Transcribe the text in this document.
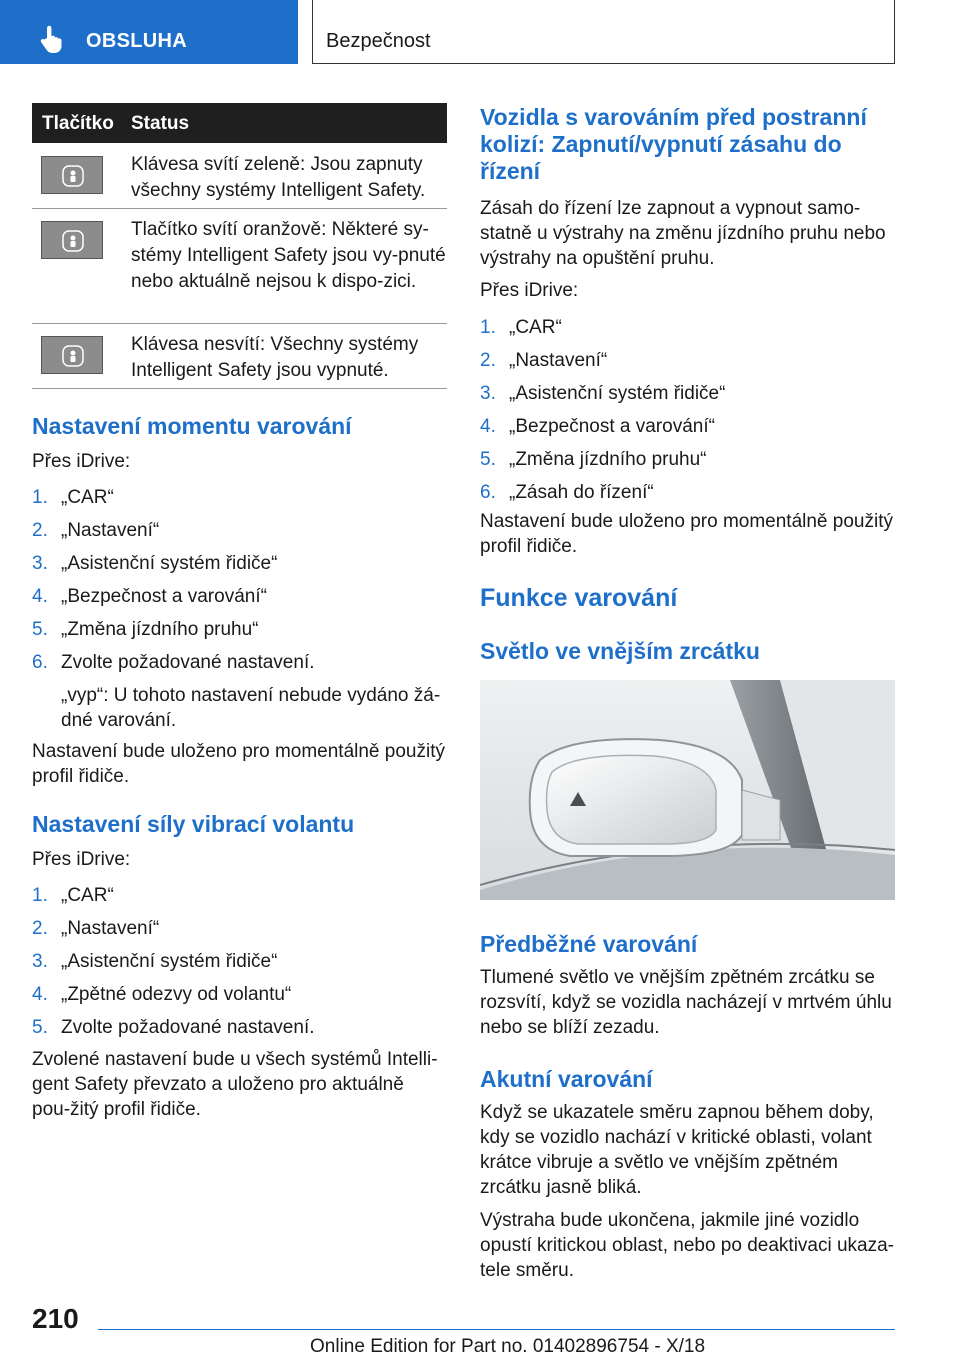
OBSLUHA	Bezpečnost
Tlačítko Status
Klávesa svítí zeleně: Jsou zapnuty všechny systémy Intelligent Safety.
Tlačítko svítí oranžově: Některé sy-stémy Intelligent Safety jsou vy-pnuté nebo aktuálně nejsou k dispo-zici.
Klávesa nesvítí: Všechny systémy Intelligent Safety jsou vypnuté.
Nastavení momentu varování
Přes iDrive:
1. „CAR“
2. „Nastavení“
3. „Asistenční systém řidiče“
4. „Bezpečnost a varování“
5. „Změna jízdního pruhu“
6. Zvolte požadované nastavení.
„vyp“: U tohoto nastavení nebude vydáno žá-dné varování.
Nastavení bude uloženo pro momentálně použitý profil řidiče.
Nastavení síly vibrací volantu
Přes iDrive:
1. „CAR“
2. „Nastavení“
3. „Asistenční systém řidiče“
4. „Zpětné odezvy od volantu“
5. Zvolte požadované nastavení.
Zvolené nastavení bude u všech systémů Intelli-gent Safety převzato a uloženo pro aktuálně pou-žitý profil řidiče.
Vozidla s varováním před postranní kolizí: Zapnutí/vypnutí zásahu do řízení
Zásah do řízení lze zapnout a vypnout samo-statně u výstrahy na změnu jízdního pruhu nebo výstrahy na opuštění pruhu.
Přes iDrive:
1. „CAR“
2. „Nastavení“
3. „Asistenční systém řidiče“
4. „Bezpečnost a varování“
5. „Změna jízdního pruhu“
6. „Zásah do řízení“
Nastavení bude uloženo pro momentálně použitý profil řidiče.
Funkce varování
Světlo ve vnějším zrcátku
Předběžné varování
Tlumené světlo ve vnějším zpětném zrcátku se rozsvítí, když se vozidla nacházejí v mrtvém úhlu nebo se blíží zezadu.
Akutní varování
Když se ukazatele směru zapnou během doby, kdy se vozidlo nachází v kritické oblasti, volant krátce vibruje a světlo ve vnějším zpětném zrcátku jasně bliká.
Výstraha bude ukončena, jakmile jiné vozidlo opustí kritickou oblast, nebo po deaktivaci ukaza-tele směru.
210
Online Edition for Part no. 01402896754 - X/18
